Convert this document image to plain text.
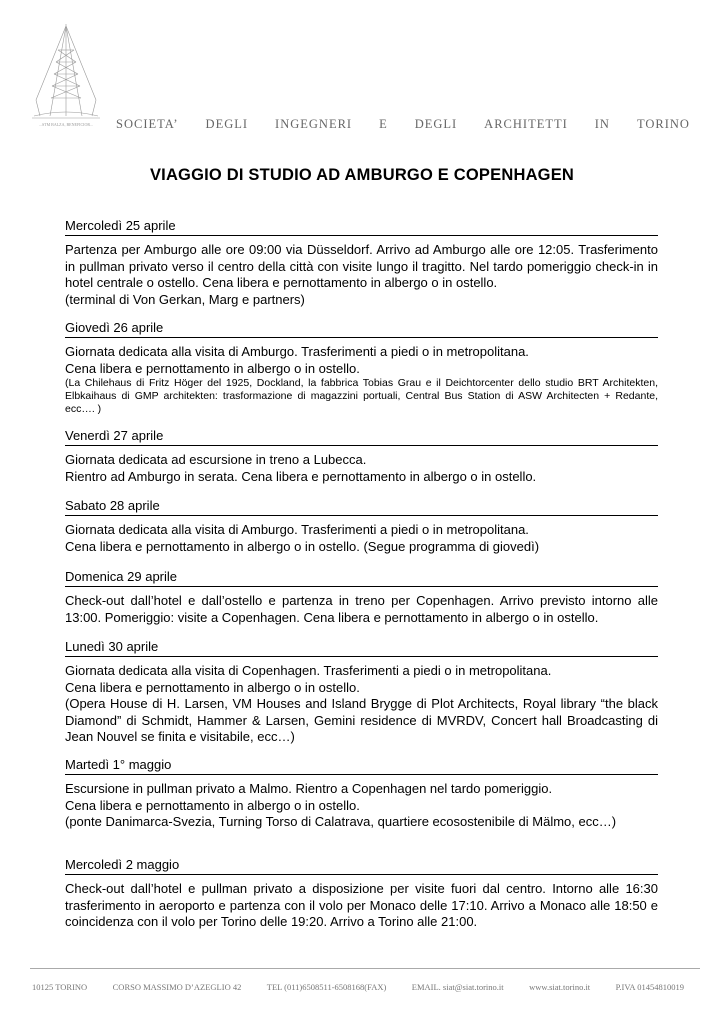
...STM BALZA, BENEFICIOR... SOCIETA’ DEGLI INGEGNERI E DEGLI ARCHITETTI IN TORINO
VIAGGIO DI STUDIO AD AMBURGO E COPENHAGEN
Mercoledì 25 aprile

Partenza per Amburgo alle ore 09:00 via Düsseldorf. Arrivo ad Amburgo alle ore 12:05. Trasferimento in pullman privato verso il centro della città con visite lungo il tragitto. Nel tardo pomeriggio check-in in hotel centrale o ostello. Cena libera e pernottamento in albergo o in ostello.

(terminal di Von Gerkan, Marg e partners)

Giovedì 26 aprile

Giornata dedicata alla visita di Amburgo. Trasferimenti a piedi o in metropolitana.

Cena libera e pernottamento in albergo o in ostello.

(La Chilehaus di Fritz Höger del 1925, Dockland, la fabbrica Tobias Grau e il Deichtorcenter dello studio BRT Architekten, Elbkaihaus di GMP architekten: trasformazione di magazzini portuali, Central Bus Station di ASW Architecten + Redante, ecc…. )

Venerdì 27 aprile

Giornata dedicata ad escursione in treno a Lubecca.

Rientro ad Amburgo in serata. Cena libera e pernottamento in albergo o in ostello.

Sabato 28 aprile

Giornata dedicata alla visita di Amburgo. Trasferimenti a piedi o in metropolitana.

Cena libera e pernottamento in albergo o in ostello. (Segue programma di giovedì)

Domenica 29 aprile

Check-out dall’hotel e dall’ostello e partenza in treno per Copenhagen. Arrivo previsto intorno alle 13:00. Pomeriggio: visite a Copenhagen. Cena libera e pernottamento in albergo o in ostello.

Lunedì 30 aprile

Giornata dedicata alla visita di Copenhagen. Trasferimenti a piedi o in metropolitana.

Cena libera e pernottamento in albergo o in ostello.

(Opera House di H. Larsen, VM Houses and Island Brygge di Plot Architects, Royal library “the black Diamond” di Schmidt, Hammer & Larsen, Gemini residence di MVRDV, Concert hall Broadcasting di Jean Nouvel se finita e visitabile, ecc…)

Martedì 1° maggio

Escursione in pullman privato a Malmo. Rientro a Copenhagen nel tardo pomeriggio.

Cena libera e pernottamento in albergo o in ostello.

(ponte Danimarca-Svezia, Turning Torso di Calatrava, quartiere ecosostenibile di Mälmo, ecc…)

Mercoledì 2 maggio

Check-out dall’hotel e pullman privato a disposizione per visite fuori dal centro. Intorno alle 16:30 trasferimento in aeroporto e partenza con il volo per Monaco delle 17:10. Arrivo a Monaco alle 18:50 e coincidenza con il volo per Torino delle 19:20. Arrivo a Torino alle 21:00.

10125 TORINO	CORSO MASSIMO D’AZEGLIO 42	TEL (011)6508511-6508168(FAX)	EMAIL. siat@siat.torino.it	www.siat.torino.it	P.IVA 01454810019
